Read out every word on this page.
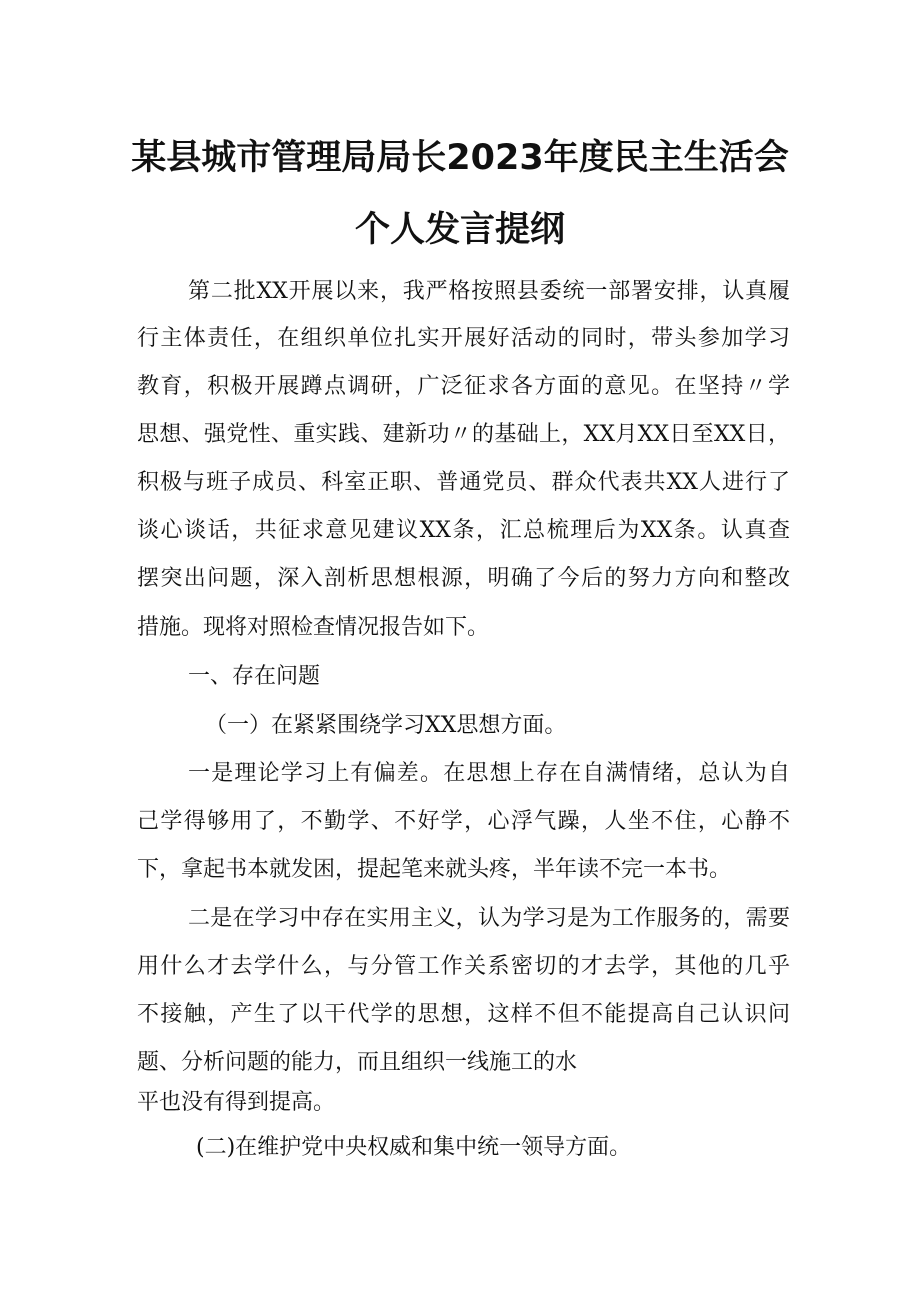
某县城市管理局局长2023年度民主生活会
个人发言提纲
第二批XX开展以来，我严格按照县委统一部署安排，认真履
行主体责任，在组织单位扎实开展好活动的同时，带头参加学习
教育，积极开展蹲点调研，广泛征求各方面的意见。在坚持〃学
思想、强党性、重实践、建新功〃的基础上，XX月XX日至XX日，
积极与班子成员、科室正职、普通党员、群众代表共XX人进行了
谈心谈话，共征求意见建议XX条，汇总梳理后为XX条。认真查
摆突出问题，深入剖析思想根源，明确了今后的努力方向和整改
措施。现将对照检查情况报告如下。
一、存在问题
（一）在紧紧围绕学习XX思想方面。
一是理论学习上有偏差。在思想上存在自满情绪，总认为自
己学得够用了，不勤学、不好学，心浮气躁，人坐不住，心静不
下，拿起书本就发困，提起笔来就头疼，半年读不完一本书。
二是在学习中存在实用主义，认为学习是为工作服务的，需要
用什么才去学什么，与分管工作关系密切的才去学，其他的几乎
不接触，产生了以干代学的思想，这样不但不能提高自己认识问
题、分析问题的能力，而且组织一线施工的水
平也没有得到提高。
(二)在维护党中央权威和集中统一领导方面。
